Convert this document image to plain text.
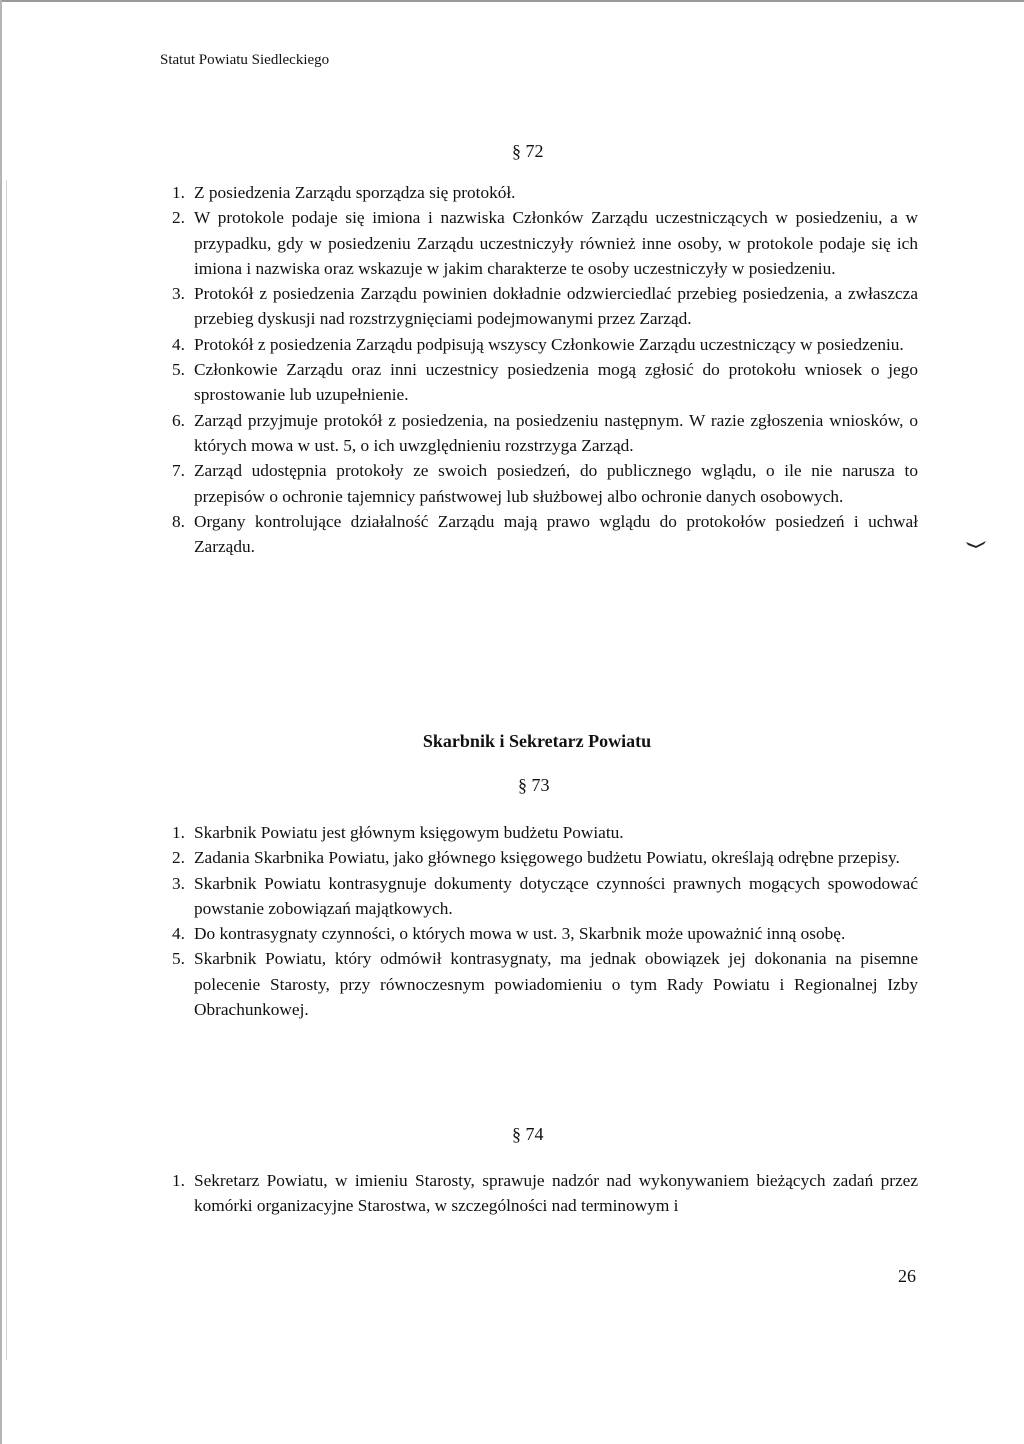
Statut Powiatu Siedleckiego
§ 72
1. Z posiedzenia Zarządu sporządza się protokół.
2. W protokole podaje się imiona i nazwiska Członków Zarządu uczestniczących w posiedzeniu, a w przypadku, gdy w posiedzeniu Zarządu uczestniczyły również inne osoby, w protokole podaje się ich imiona i nazwiska oraz wskazuje w jakim charakterze te osoby uczestniczyły w posiedzeniu.
3. Protokół z posiedzenia Zarządu powinien dokładnie odzwierciedlać przebieg posiedzenia, a zwłaszcza przebieg dyskusji nad rozstrzygnięciami podejmowanymi przez Zarząd.
4. Protokół z posiedzenia Zarządu podpisują wszyscy Członkowie Zarządu uczestniczący w posiedzeniu.
5. Członkowie Zarządu oraz inni uczestnicy posiedzenia mogą zgłosić do protokołu wniosek o jego sprostowanie lub uzupełnienie.
6. Zarząd przyjmuje protokół z posiedzenia, na posiedzeniu następnym. W razie zgłoszenia wniosków, o których mowa w ust. 5, o ich uwzględnieniu rozstrzyga Zarząd.
7. Zarząd udostępnia protokoły ze swoich posiedzeń, do publicznego wglądu, o ile nie narusza to przepisów o ochronie tajemnicy państwowej lub służbowej albo ochronie danych osobowych.
8. Organy kontrolujące działalność Zarządu mają prawo wglądu do protokołów posiedzeń i uchwał Zarządu.
Skarbnik i Sekretarz Powiatu
§ 73
1. Skarbnik Powiatu jest głównym księgowym budżetu Powiatu.
2. Zadania Skarbnika Powiatu, jako głównego księgowego budżetu Powiatu, określają odrębne przepisy.
3. Skarbnik Powiatu kontrasygnuje dokumenty dotyczące czynności prawnych mogących spowodować powstanie zobowiązań majątkowych.
4. Do kontrasygnaty czynności, o których mowa w ust. 3, Skarbnik może upoważnić inną osobę.
5. Skarbnik Powiatu, który odmówił kontrasygnaty, ma jednak obowiązek jej dokonania na pisemne polecenie Starosty, przy równoczesnym powiadomieniu o tym Rady Powiatu i Regionalnej Izby Obrachunkowej.
§ 74
1. Sekretarz Powiatu, w imieniu Starosty, sprawuje nadzór nad wykonywaniem bieżących zadań przez komórki organizacyjne Starostwa, w szczególności nad terminowym i
26
